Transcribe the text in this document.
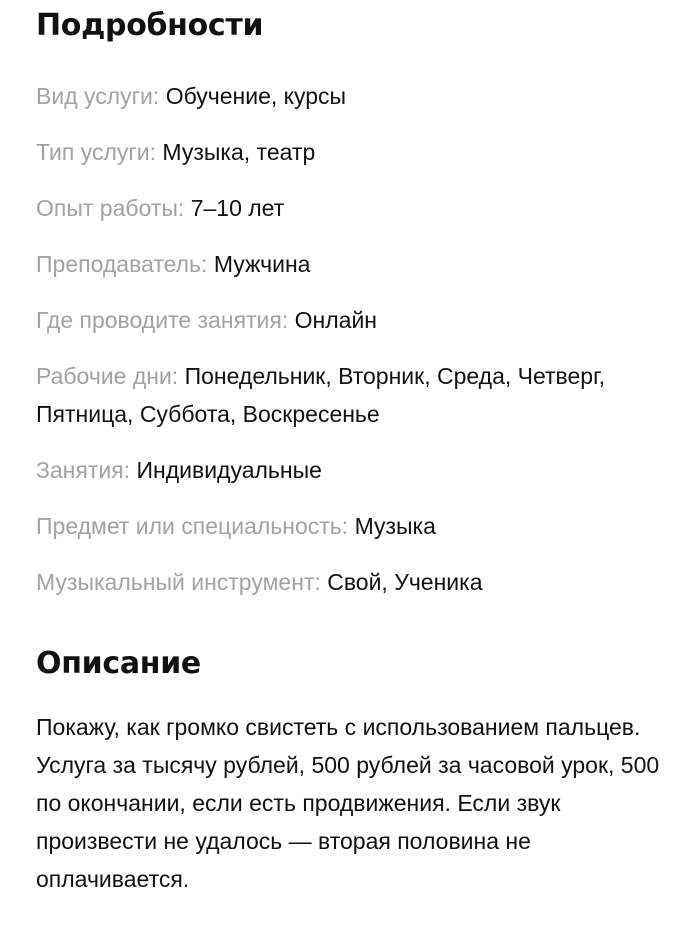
Подробности
Вид услуги: Обучение, курсы
Тип услуги: Музыка, театр
Опыт работы: 7–10 лет
Преподаватель: Мужчина
Где проводите занятия: Онлайн
Рабочие дни: Понедельник, Вторник, Среда, Четверг, Пятница, Суббота, Воскресенье
Занятия: Индивидуальные
Предмет или специальность: Музыка
Музыкальный инструмент: Свой, Ученика
Описание

Покажу, как громко свистеть с использованием пальцев. Услуга за тысячу рублей, 500 рублей за часовой урок, 500 по окончании, если есть продвижения. Если звук произвести не удалось — вторая половина не оплачивается.
